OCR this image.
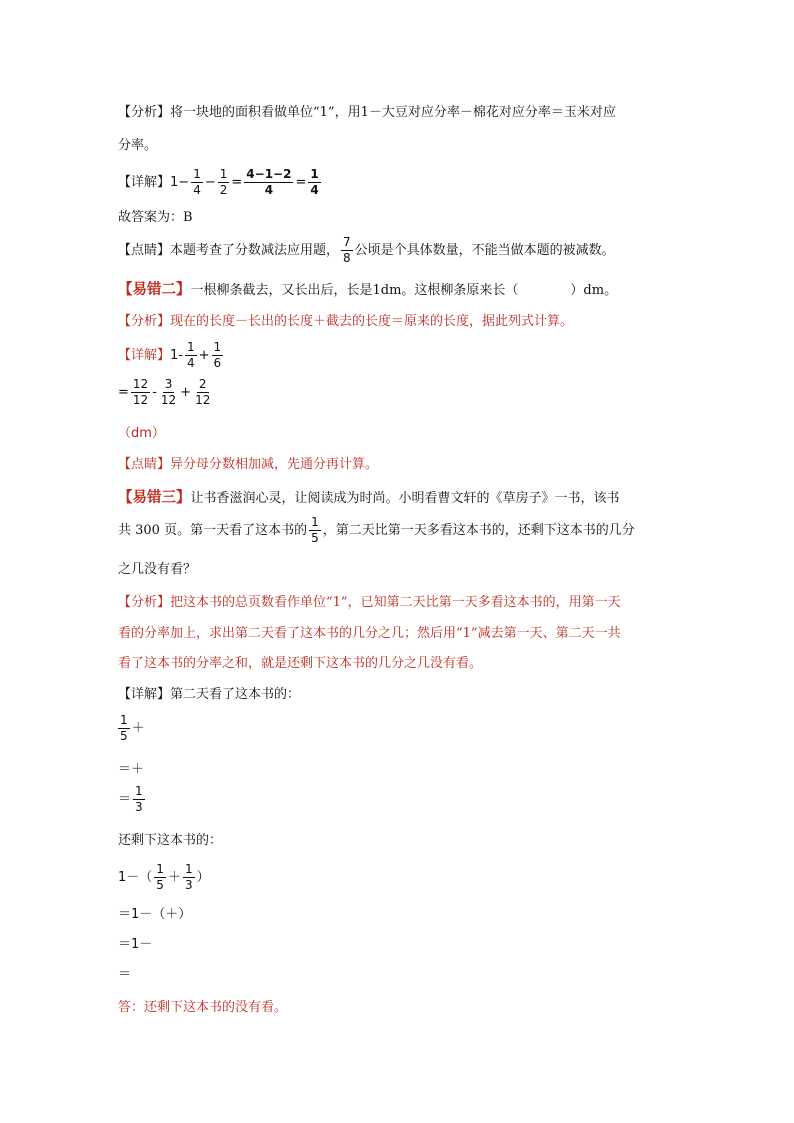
【分析】将一块地的面积看做单位“1”，用1－大豆对应分率－棉花对应分率＝玉米对应
分率。
【详解】$1- \frac{1}{4} - \frac{1}{2} = \frac{4-1-2}{4} = \frac{1}{4}$
故答案为：B
【点睛】本题考查了分数减法应用题， $\frac{7}{8}$ 公顷是个具体数量，不能当做本题的被减数。
【易错二】一根柳条截去，又长出后，长是1dm。这根柳条原来长（	）dm。
【分析】现在的长度－长出的长度＋截去的长度＝原来的长度，据此列式计算。
【详解】$1- \frac{1}{4} + \frac{1}{6}$
= $\frac{12}{12} - \frac{3}{12} + \frac{2}{12}$
（dm）
【点睛】异分母分数相加减，先通分再计算。
【易错三】让书香滋润心灵，让阅读成为时尚。小明看曹文轩的《草房子》一书，该书
共 300 页。第一天看了这本书的 $\frac{1}{5}$ ，第二天比第一天多看这本书的，还剩下这本书的几分
之几没有看？
【分析】把这本书的总页数看作单位“1”，已知第二天比第一天多看这本书的，用第一天
看的分率加上，求出第二天看了这本书的几分之几；然后用“1”减去第一天、第二天一共
看了这本书的分率之和，就是还剩下这本书的几分之几没有看。
【详解】第二天看了这本书的：
$\frac{1}{5}$ ＋
＝＋
＝ $\frac{1}{3}$
还剩下这本书的：
$1-( \frac{1}{5} + \frac{1}{3}$ ）
＝1－（＋）
＝1－
＝
答：还剩下这本书的没有看。
